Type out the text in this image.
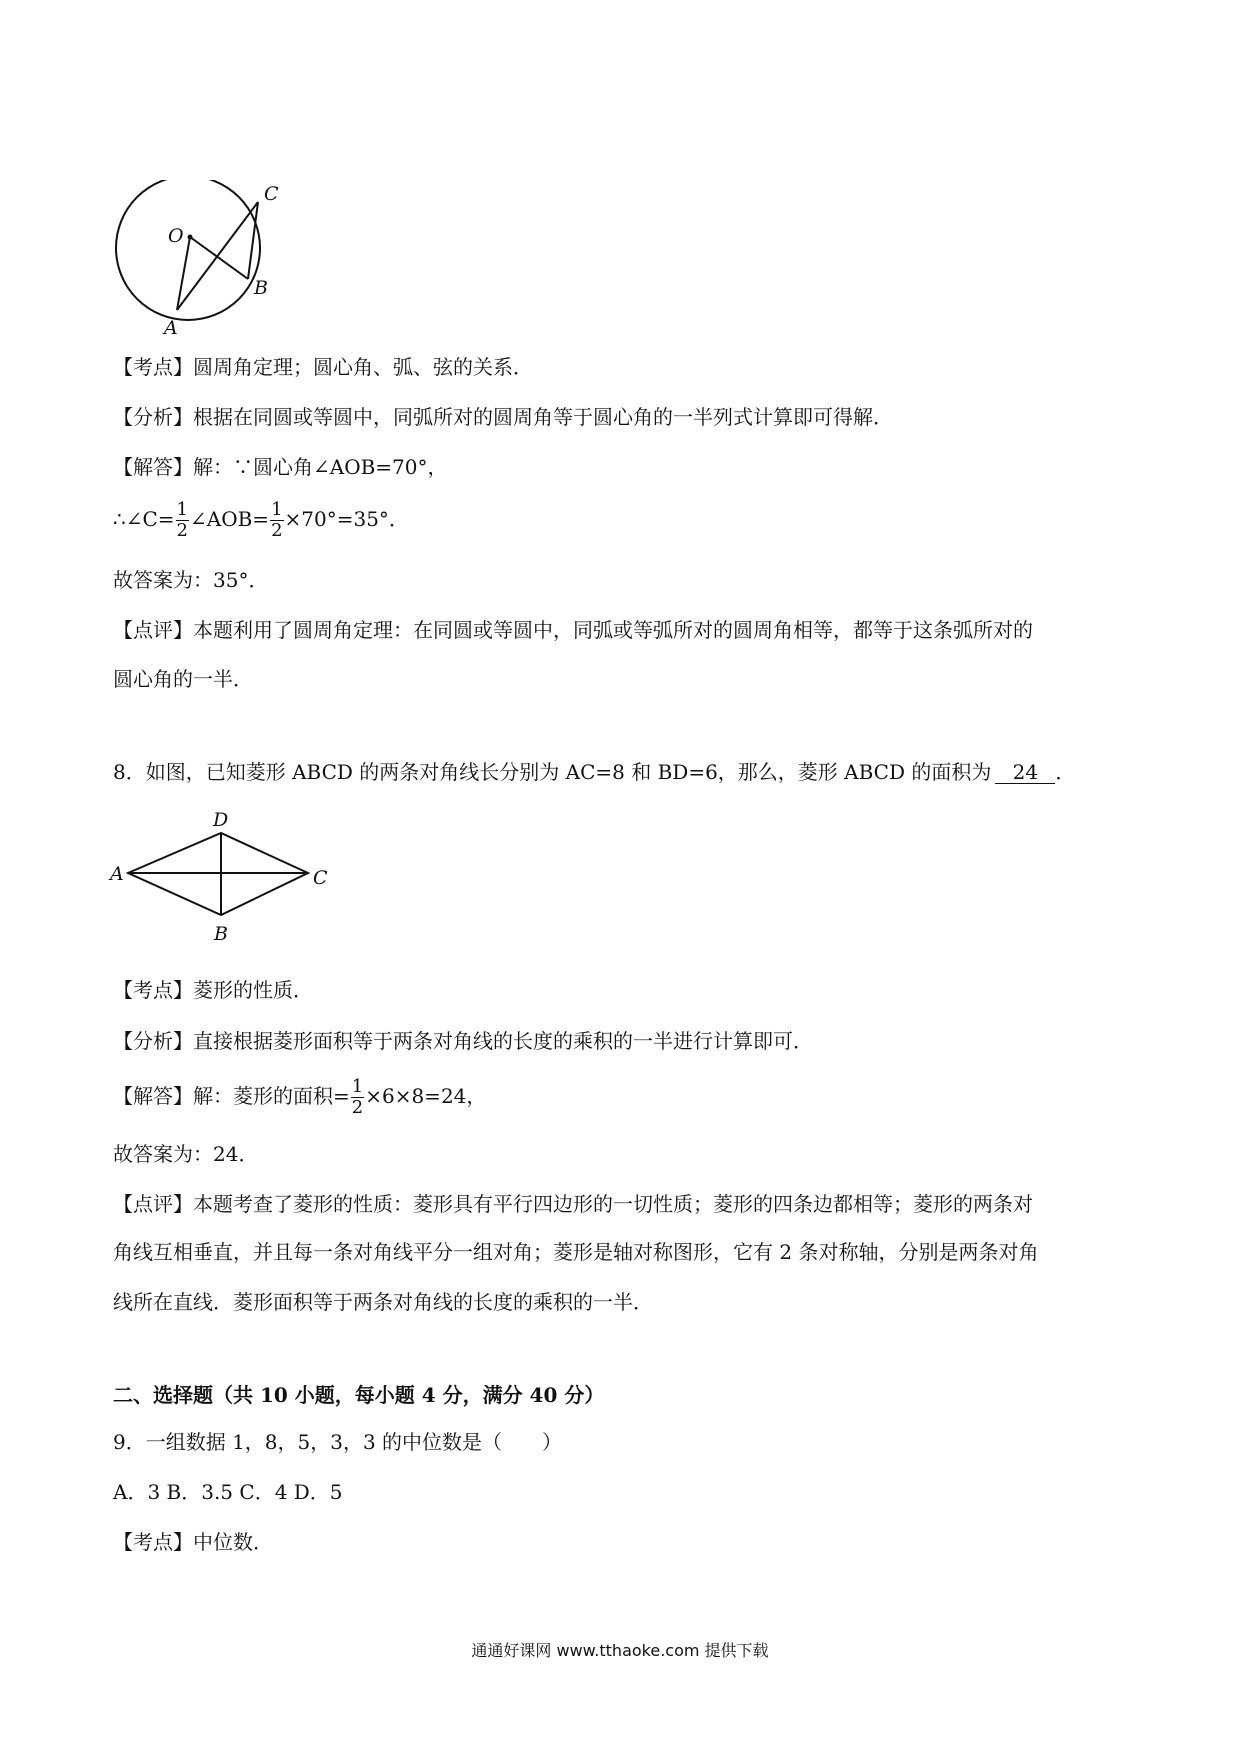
O
A
B
C
【考点】圆周角定理；圆心角、弧、弦的关系．
【分析】根据在同圆或等圆中，同弧所对的圆周角等于圆心角的一半列式计算即可得解．
【解答】解：∵圆心角∠AOB=70°，
∴∠C= $\frac{1}{2}$ ∠AOB= $\frac{1}{2} \times 70^\circ=35^\circ$．
故答案为：35°．
【点评】本题利用了圆周角定理：在同圆或等圆中，同弧或等弧所对的圆周角相等，都等于这条弧所对的
圆心角的一半．
8．如图，已知菱形 ABCD 的两条对角线长分别为 AC=8 和 BD=6，那么，菱形 ABCD 的面积为 24 ．
D
A	C
B
【考点】菱形的性质．
【分析】直接根据菱形面积等于两条对角线的长度的乘积的一半进行计算即可．
【解答】解：菱形的面积= $\frac{1}{2} \times 6\times 8=24$，
故答案为：24．
【点评】本题考查了菱形的性质：菱形具有平行四边形的一切性质；菱形的四条边都相等；菱形的两条对
角线互相垂直，并且每一条对角线平分一组对角；菱形是轴对称图形，它有 2 条对称轴，分别是两条对角
线所在直线．菱形面积等于两条对角线的长度的乘积的一半．
二、选择题（共 10 小题，每小题 4 分，满分 40 分）
9．一组数据 1，8，5，3，3 的中位数是（　　）
A．3 B．3.5 C．4 D．5
【考点】中位数．
通通好课网 www.tthaoke.com 提供下载
